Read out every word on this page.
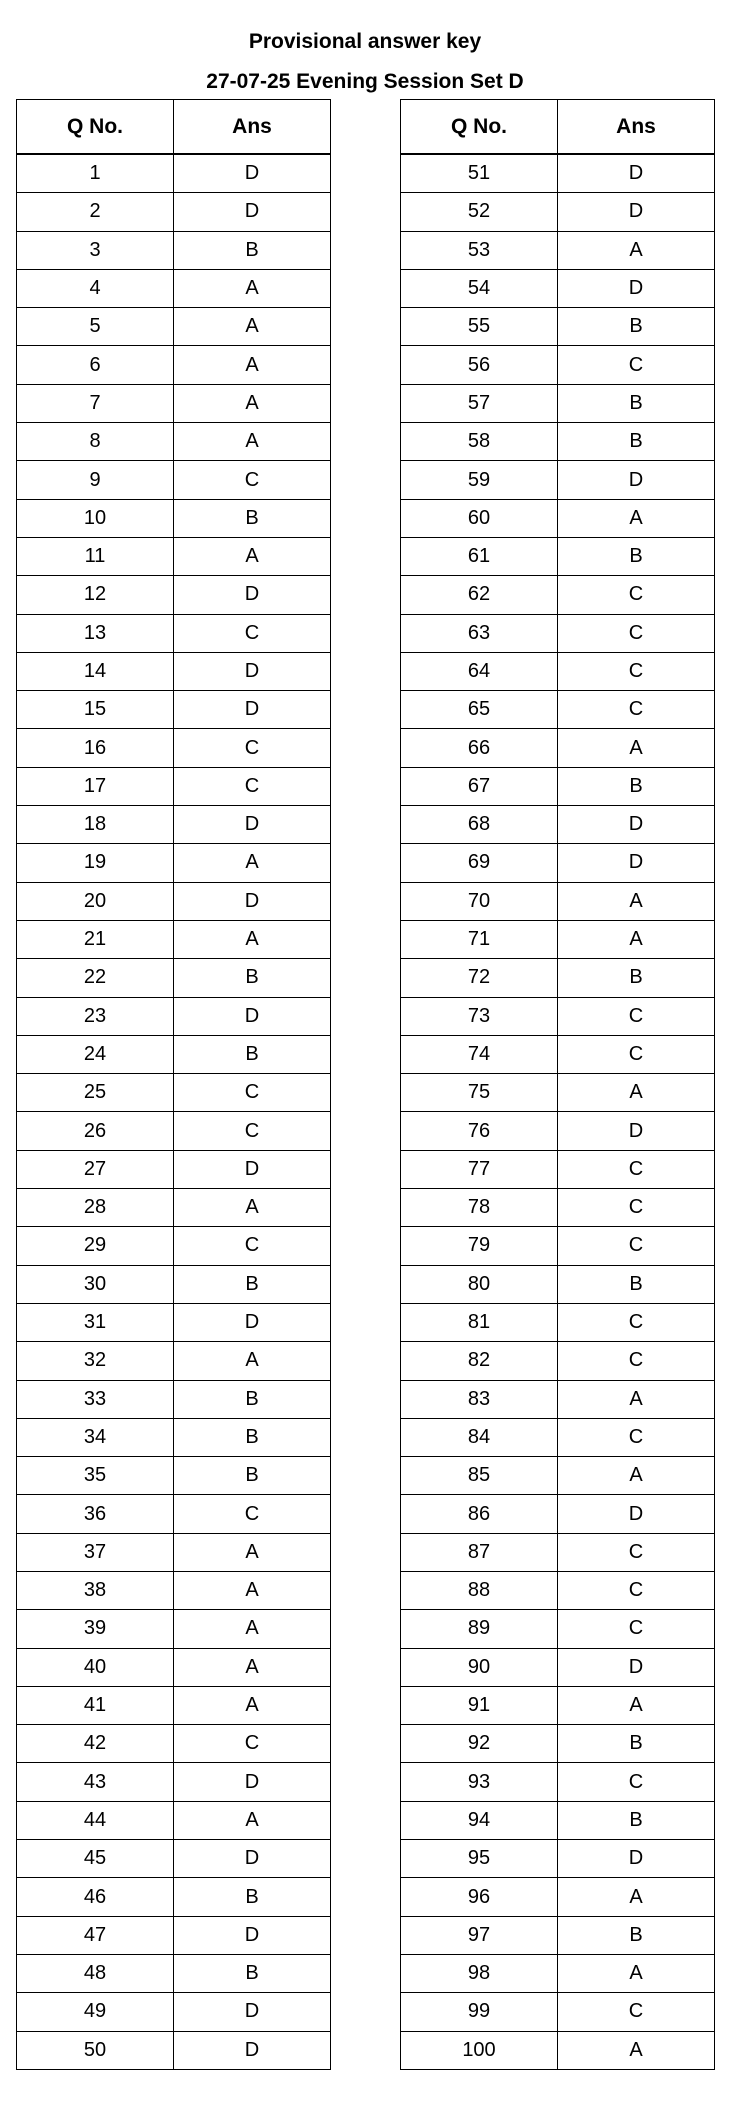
Provisional answer key
27-07-25 Evening Session Set D
Q No.	Ans
1	D
2	D
3	B
4	A
5	A
6	A
7	A
8	A
9	C
10	B
11	A
12	D
13	C
14	D
15	D
16	C
17	C
18	D
19	A
20	D
21	A
22	B
23	D
24	B
25	C
26	C
27	D
28	A
29	C
30	B
31	D
32	A
33	B
34	B
35	B
36	C
37	A
38	A
39	A
40	A
41	A
42	C
43	D
44	A
45	D
46	B
47	D
48	B
49	D
50	D
Q No.	Ans
51	D
52	D
53	A
54	D
55	B
56	C
57	B
58	B
59	D
60	A
61	B
62	C
63	C
64	C
65	C
66	A
67	B
68	D
69	D
70	A
71	A
72	B
73	C
74	C
75	A
76	D
77	C
78	C
79	C
80	B
81	C
82	C
83	A
84	C
85	A
86	D
87	C
88	C
89	C
90	D
91	A
92	B
93	C
94	B
95	D
96	A
97	B
98	A
99	C
100	A
